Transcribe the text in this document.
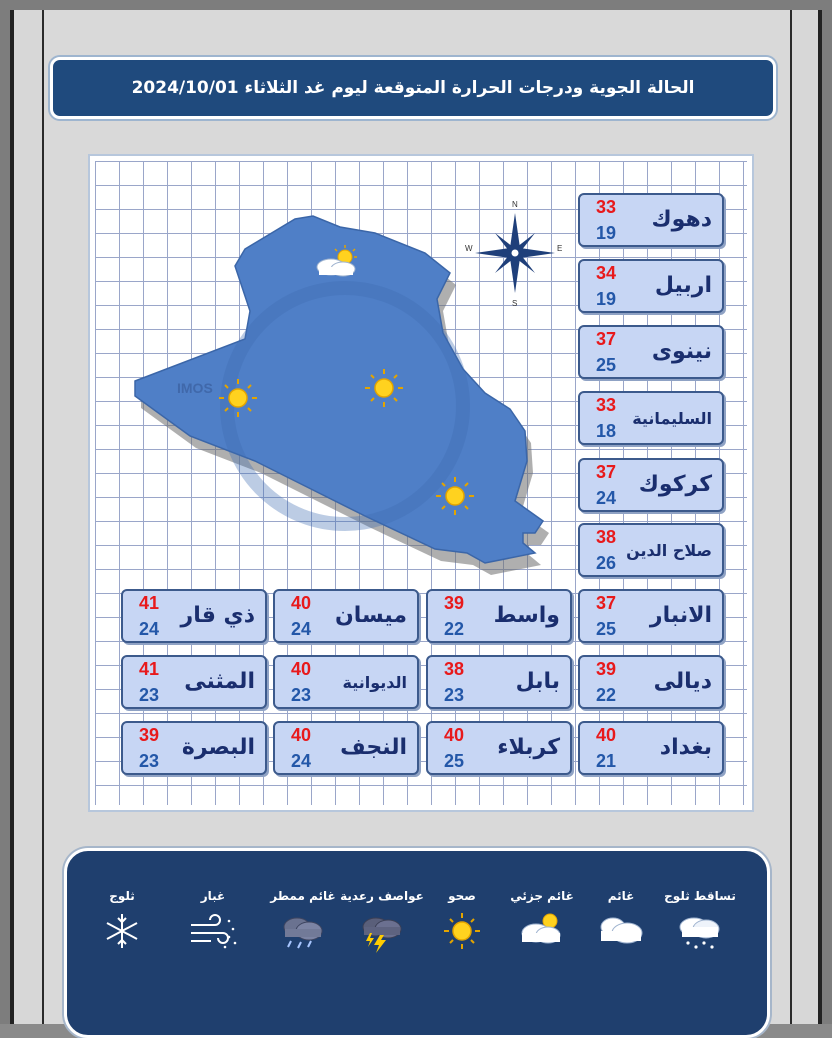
الحالة الجوية ودرجات الحرارة المتوقعة ليوم غد الثلاثاء 2024/10/01
IMOS
N
E
S
W
دهوك
33
19
اربيل
34
19
نينوى
37
25
السليمانية
33
18
كركوك
37
24
صلاح الدين
38
26
الانبار
37
25
واسط
39
22
ميسان
40
24
ذي قار
41
24
ديالى
39
22
بابل
38
23
الديوانية
40
23
المثنى
41
23
بغداد
40
21
كربلاء
40
25
النجف
40
24
البصرة
39
23
تساقط ثلوج
غائم
غائم جزئي
صحو
عواصف رعدية
غائم ممطر
غبار
ثلوج
